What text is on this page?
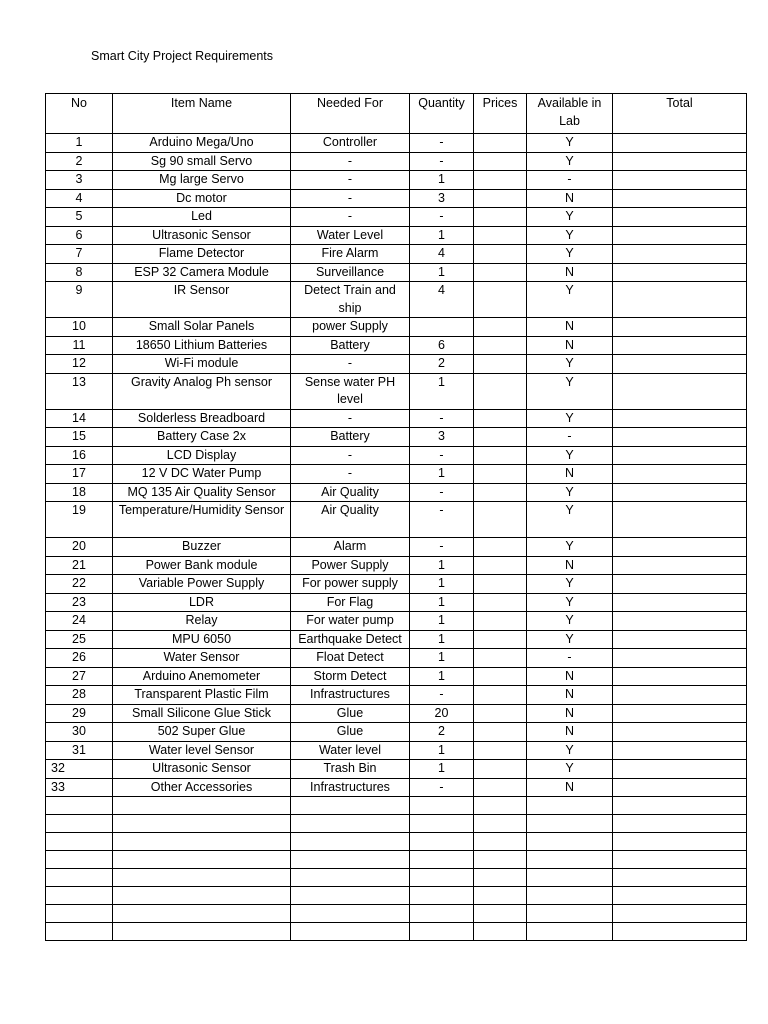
Smart City Project Requirements
No	Item Name	Needed For	Quantity	Prices	Available in Lab	Total
1	Arduino Mega/Uno	Controller	-		Y	
2	Sg 90 small Servo	-	-		Y	
3	Mg large Servo	-	1		-	
4	Dc motor	-	3		N	
5	Led	-	-		Y	
6	Ultrasonic Sensor	Water Level	1		Y	
7	Flame Detector	Fire Alarm	4		Y	
8	ESP 32 Camera Module	Surveillance	1		N	
9	IR Sensor	Detect Train and ship	4		Y	
10	Small Solar Panels	power Supply			N	
11	18650 Lithium Batteries	Battery	6		N	
12	Wi-Fi module	-	2		Y	
13	Gravity Analog Ph sensor	Sense water PH level	1		Y	
14	Solderless Breadboard	-	-		Y	
15	Battery Case 2x	Battery	3		-	
16	LCD Display	-	-		Y	
17	12 V DC Water Pump	-	1		N	
18	MQ 135 Air Quality Sensor	Air Quality	-		Y	
19	Temperature/Humidity Sensor	Air Quality	-		Y	
20	Buzzer	Alarm	-		Y	
21	Power Bank module	Power Supply	1		N	
22	Variable Power Supply	For power supply	1		Y	
23	LDR	For Flag	1		Y	
24	Relay	For water pump	1		Y	
25	MPU 6050	Earthquake Detect	1		Y	
26	Water Sensor	Float Detect	1		-	
27	Arduino Anemometer	Storm Detect	1		N	
28	Transparent Plastic Film	Infrastructures	-		N	
29	Small Silicone Glue Stick	Glue	20		N	
30	502 Super Glue	Glue	2		N	
31	Water level Sensor	Water level	1		Y	
32	Ultrasonic Sensor	Trash Bin	1		Y	
33	Other Accessories	Infrastructures	-		N	
